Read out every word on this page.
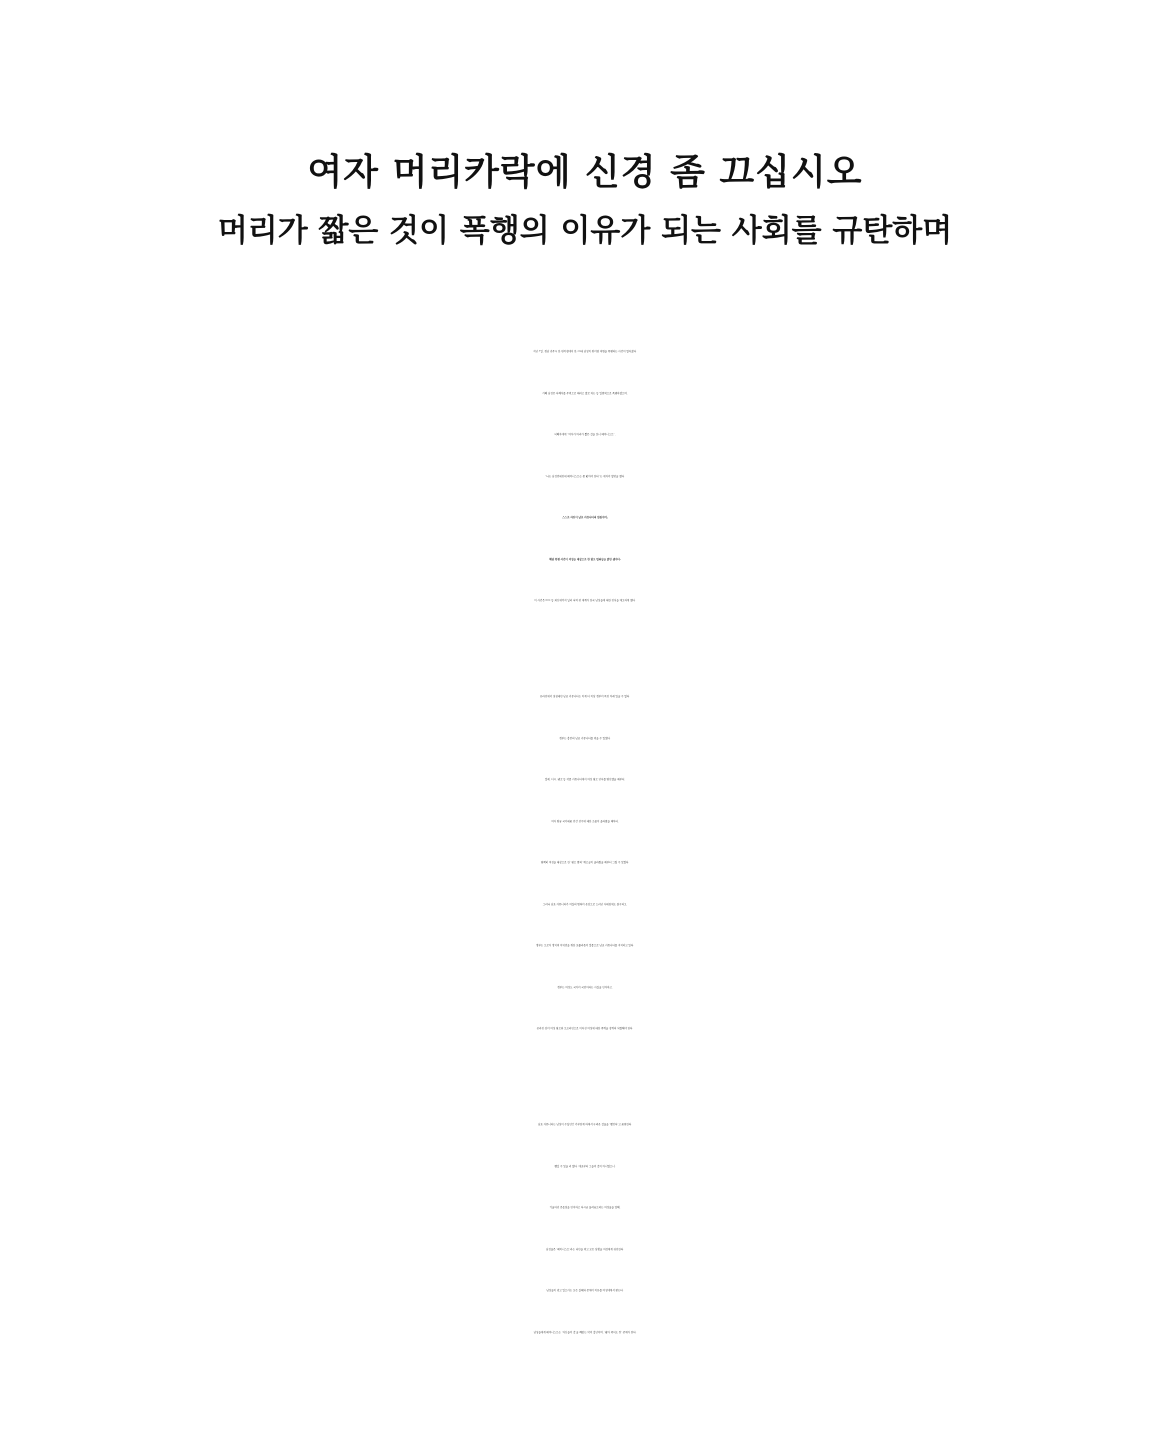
여자 머리카락에 신경 좀 끄십시오
머리가 짧은 것이 폭행의 이유가 되는 사회를 규탄하며
지난 4일, 경남 진주시 한 편의점에서 한 20대 남성이 편의점 직원을 폭행하는 사건이 벌어졌다.
가해 남성은 피해자를 주먹으로 때리고 발로 차는 등 일방적으로 폭행하였으며,
피해자에게 “여자가 머리가 짧은 것을 보니 페미니스트”,
“나는 남성연대인데 페미니스트는 좀 맞아야 한다”는 취지의 발언을 했다.
스스로 자신이 남초 커뮤니티의 일원이며,
해당 폭행 사건이 여성을 대상으로 한 혐오 범죄임을 밝힌 셈이다.
이 사건은 BBC 등 외신에까지 널리 퍼져 전 세계가 한국 남성들에 대한 인식을 재고하게 했다.
온라인에서 징징대던 남초 커뮤니티는 이제 더 이상 정부의 묵인 아래 있을 수 없다.
정부는 충분히 남초 커뮤니티를 막을 수 있었다.
일베, 디시, 펨코 등 각종 커뮤니티에서 여성 혐오 단어를 양산했을 때부터,
여자 양궁 국가대표 안산 선수에 대한 조롱이 올라왔을 때부터,
명백히 여성을 대상으로 한 ‘혐오 범죄’ 예고글이 올라왔을 때부터 그럴 수 있었다.
그러나 남초 커뮤니티가 여실히 범죄의 온상으로 드러난 사태임에도 불구하고,
정부는 오로지 정치적 이익만을 위한 포퓰리즘의 일종으로 남초 커뮤니티를 지지하고 있다.
정부는 여성도 국가의 국민이라는 사실을 인지하고,
온라인 상의 여성 혐오와 오프라인으로 이어진 여성에 대한 폭력을 강력히 처벌해야 한다.
남초 커뮤니티는 남성이 수십년간 가부장제 하에서 누려온 것들을 ‘뺏긴다’고 표현한다.
뺏길 수 있을 리 없다. 애초부터 그들의 것이 아니었으니.
기울어진 운동장을 인지하고 다시금 돌려놓으려는 여성들을 향해,
남성들은 ‘페미니스트’라는 낙인을 찍고 모든 상황을 여성에게 귀인한다.
남성들이 겪고 일으키는 모든 실패와 문제의 이유를 여성에게서 찾는다.
남성들에게 페미니스트는 ‘자신들의 것’을 빼앗는 악의 집단이며, ‘맞아 죽어도 싼’ 존재가 된다.
